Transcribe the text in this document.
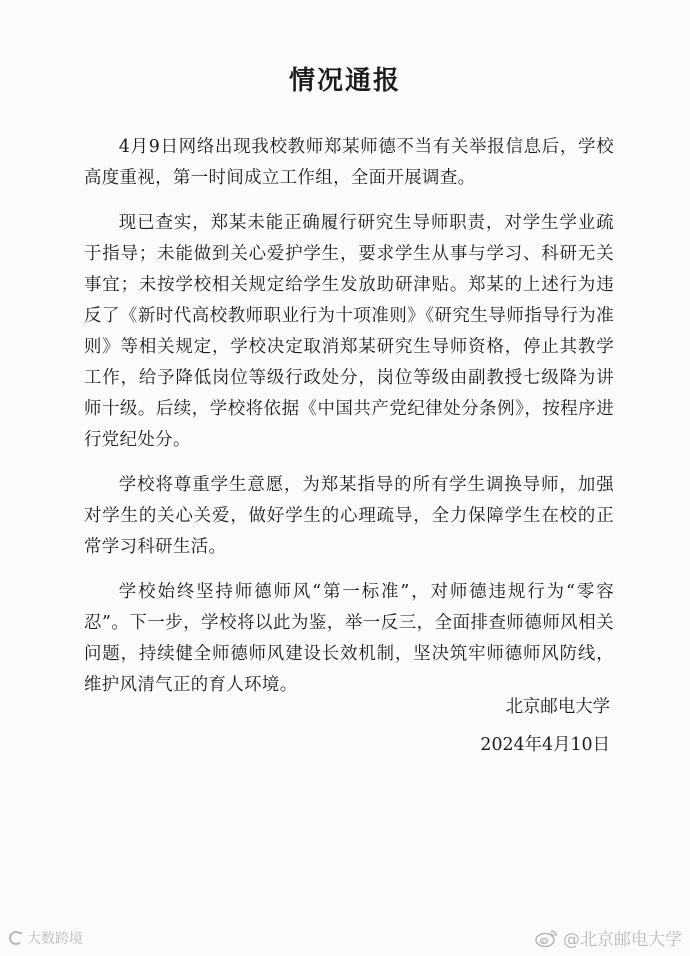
情况通报

4月9日网络出现我校教师郑某师德不当有关举报信息后，学校高度重视，第一时间成立工作组，全面开展调查。

现已查实，郑某未能正确履行研究生导师职责，对学生学业疏于指导；未能做到关心爱护学生，要求学生从事与学习、科研无关事宜；未按学校相关规定给学生发放助研津贴。郑某的上述行为违反了《新时代高校教师职业行为十项准则》《研究生导师指导行为准则》等相关规定，学校决定取消郑某研究生导师资格，停止其教学工作，给予降低岗位等级行政处分，岗位等级由副教授七级降为讲师十级。后续，学校将依据《中国共产党纪律处分条例》，按程序进行党纪处分。

学校将尊重学生意愿，为郑某指导的所有学生调换导师，加强对学生的关心关爱，做好学生的心理疏导，全力保障学生在校的正常学习科研生活。

学校始终坚持师德师风“第一标准”，对师德违规行为“零容忍”。下一步，学校将以此为鉴，举一反三，全面排查师德师风相关问题，持续健全师德师风建设长效机制，坚决筑牢师德师风防线，维护风清气正的育人环境。

北京邮电大学
2024年4月10日
大数跨境	@北京邮电大学
